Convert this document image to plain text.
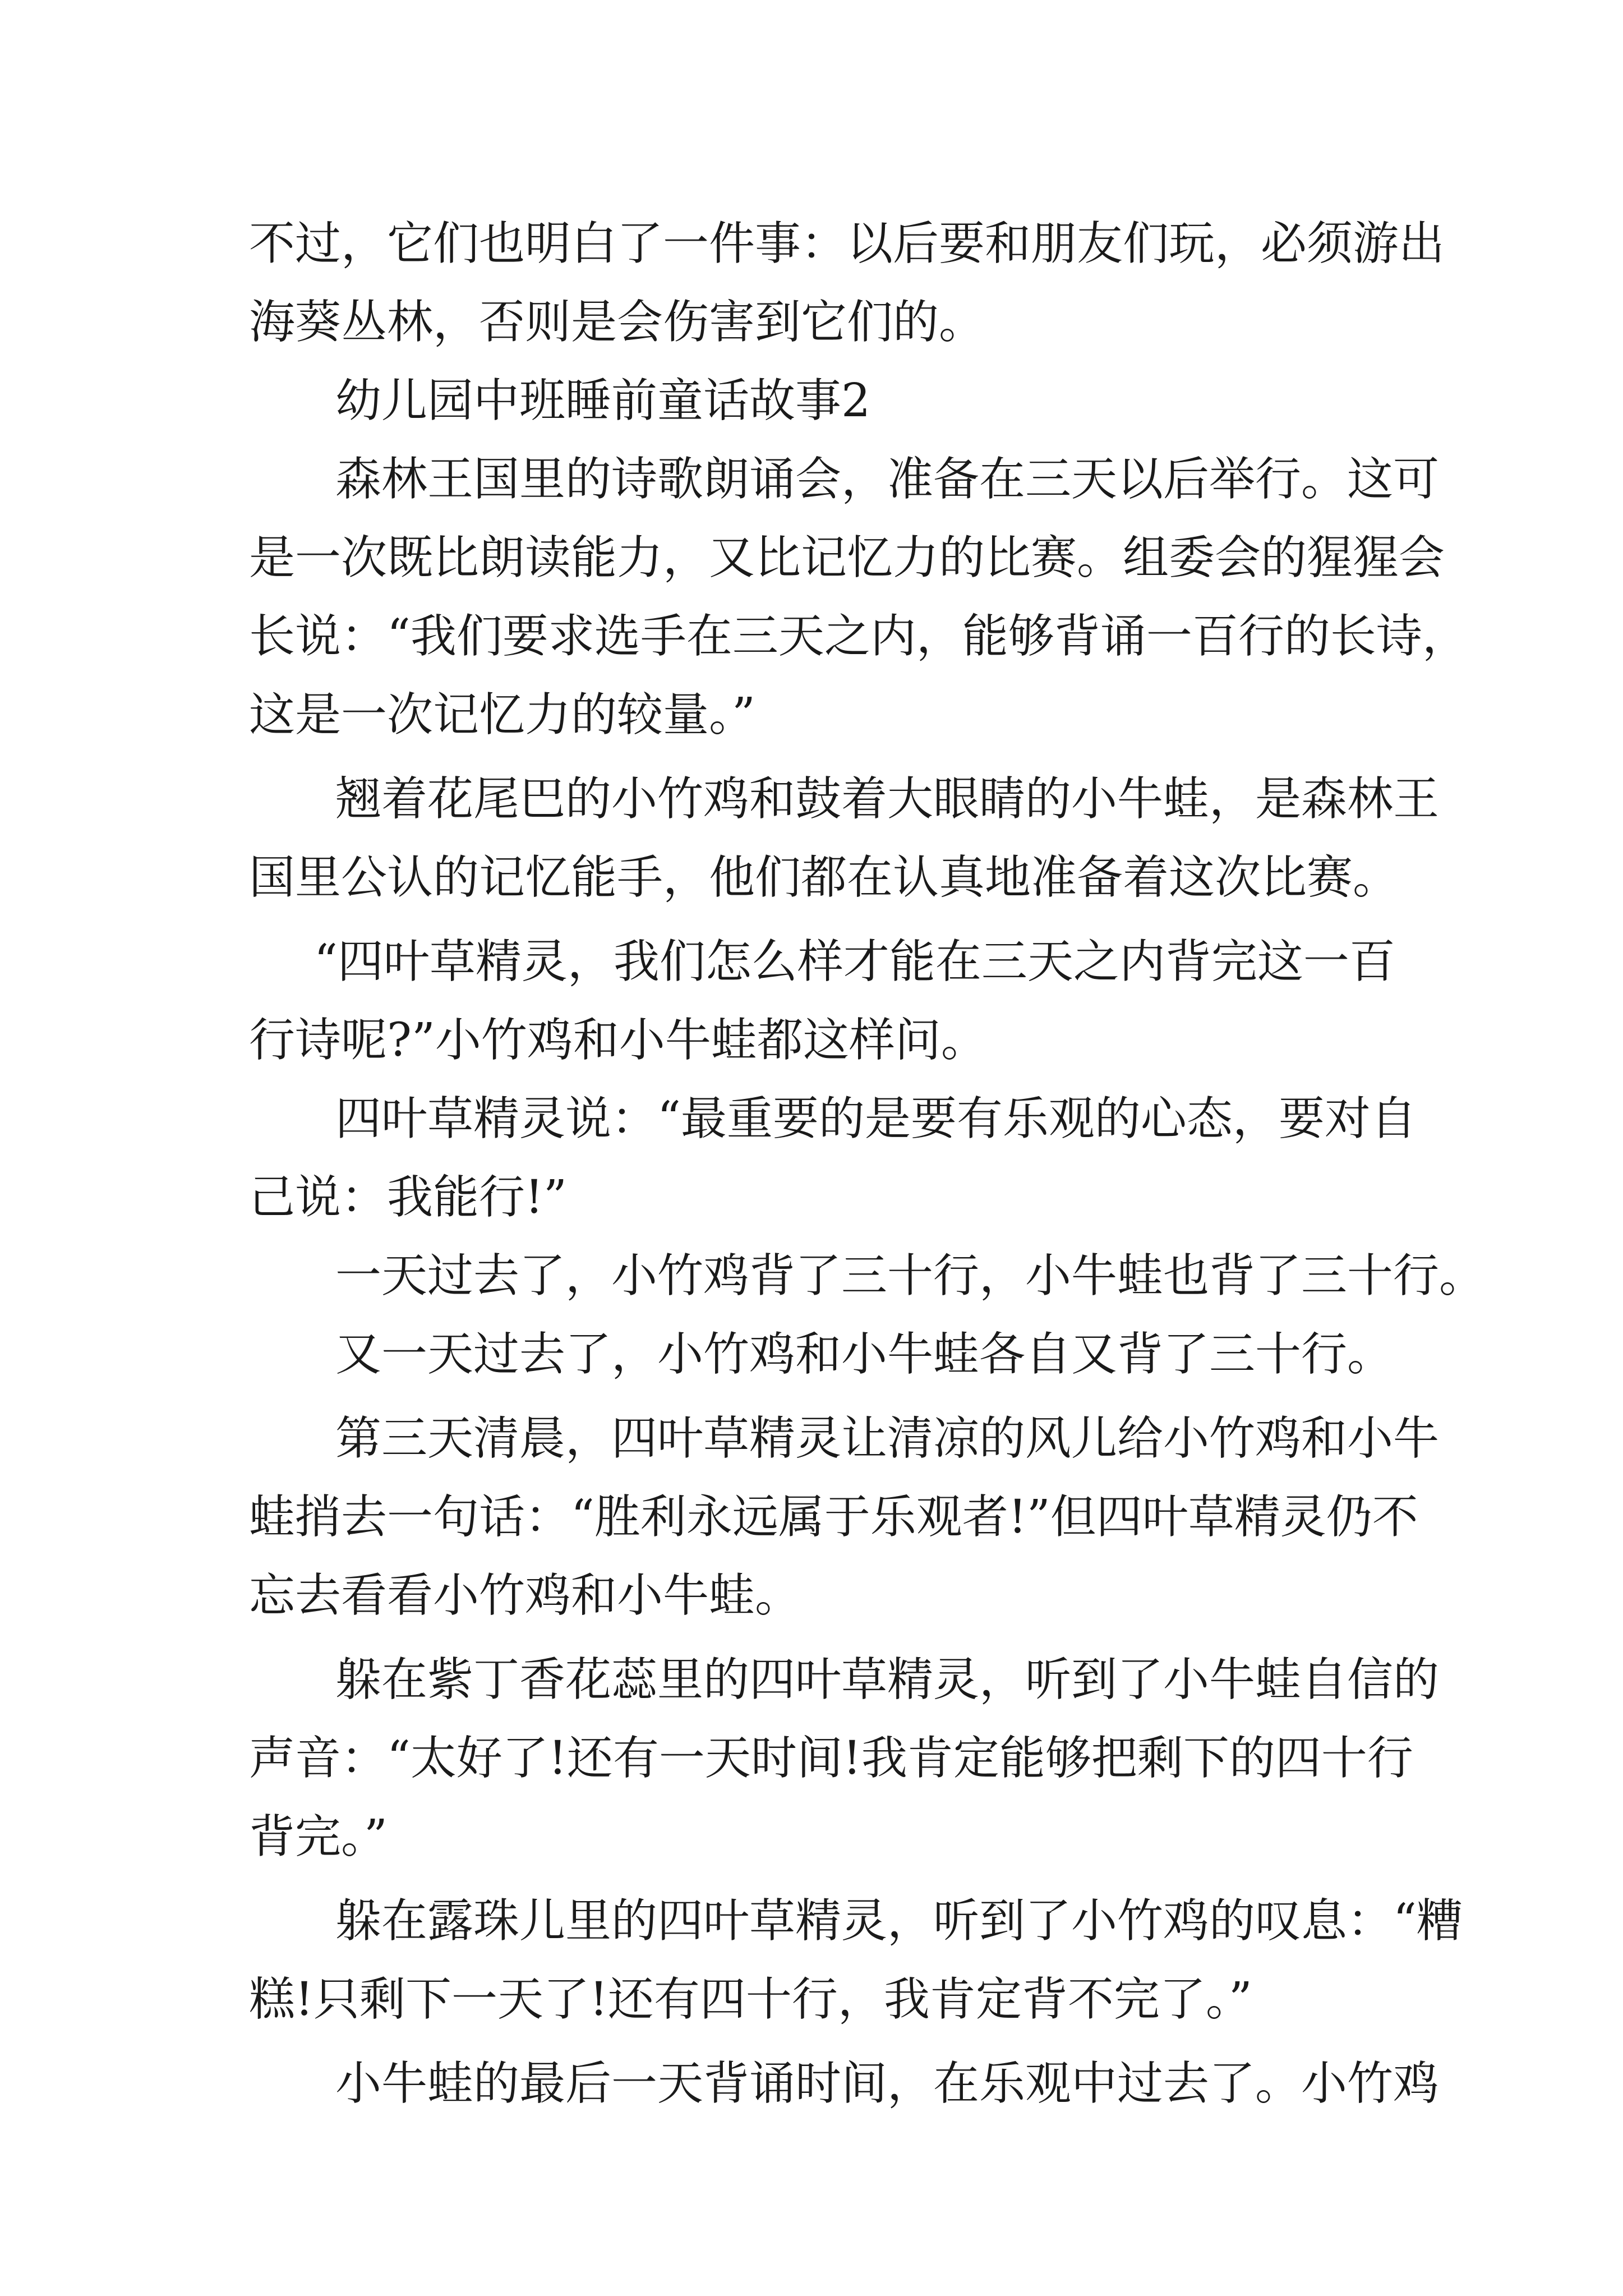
不过，它们也明白了一件事：以后要和朋友们玩，必须游出
海葵丛林，否则是会伤害到它们的。
幼儿园中班睡前童话故事2
森林王国里的诗歌朗诵会，准备在三天以后举行。这可
是一次既比朗读能力，又比记忆力的比赛。组委会的猩猩会
长说：“我们要求选手在三天之内，能够背诵一百行的长诗，
这是一次记忆力的较量。”
翘着花尾巴的小竹鸡和鼓着大眼睛的小牛蛙，是森林王
国里公认的记忆能手，他们都在认真地准备着这次比赛。
“四叶草精灵，我们怎么样才能在三天之内背完这一百
行诗呢?”小竹鸡和小牛蛙都这样问。
四叶草精灵说：“最重要的是要有乐观的心态，要对自
己说：我能行!”
一天过去了，小竹鸡背了三十行，小牛蛙也背了三十行。
又一天过去了，小竹鸡和小牛蛙各自又背了三十行。
第三天清晨，四叶草精灵让清凉的风儿给小竹鸡和小牛
蛙捎去一句话：“胜利永远属于乐观者!”但四叶草精灵仍不
忘去看看小竹鸡和小牛蛙。
躲在紫丁香花蕊里的四叶草精灵，听到了小牛蛙自信的
声音：“太好了!还有一天时间!我肯定能够把剩下的四十行
背完。”
躲在露珠儿里的四叶草精灵，听到了小竹鸡的叹息：“糟
糕!只剩下一天了!还有四十行，我肯定背不完了。”
小牛蛙的最后一天背诵时间，在乐观中过去了。小竹鸡
